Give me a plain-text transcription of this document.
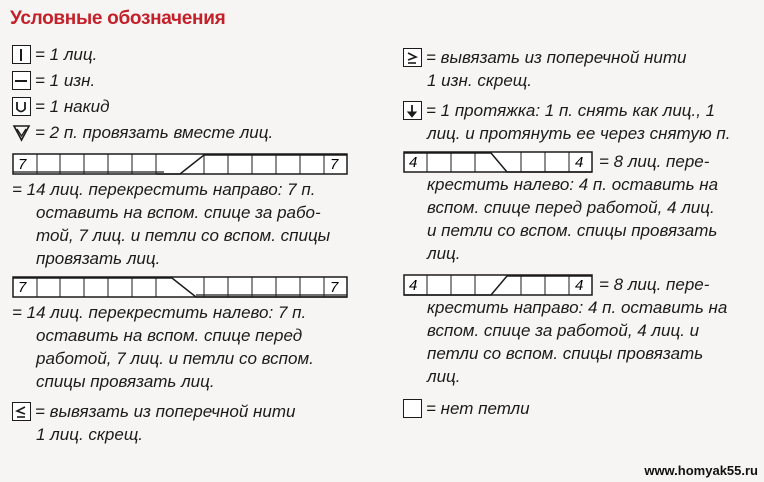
Условные обозначения
= 1 лиц.
= 1 изн.
= 1 накид
= 2 п. провязать вместе лиц.
7	7
= 14 лиц. перекрестить направо: 7 п.
оставить на вспом. спице за рабо-
той, 7 лиц. и петли со вспом. спицы
провязать лиц.
7	7
= 14 лиц. перекрестить налево: 7 п.
оставить на вспом. спице перед
работой, 7 лиц. и петли со вспом.
спицы провязать лиц.
= вывязать из поперечной нити
1 лиц. скрещ.
= вывязать из поперечной нити
1 изн. скрещ.
= 1 протяжка: 1 п. снять как лиц., 1
лиц. и протянуть ее через снятую п.
4	4 = 8 лиц. пере-
крестить налево: 4 п. оставить на
вспом. спице перед работой, 4 лиц.
и петли со вспом. спицы провязать
лиц.
4	4 = 8 лиц. пере-
крестить направо: 4 п. оставить на
вспом. спице за работой, 4 лиц. и
петли со вспом. спицы провязать
лиц.
= нет петли
www.homyak55.ru
